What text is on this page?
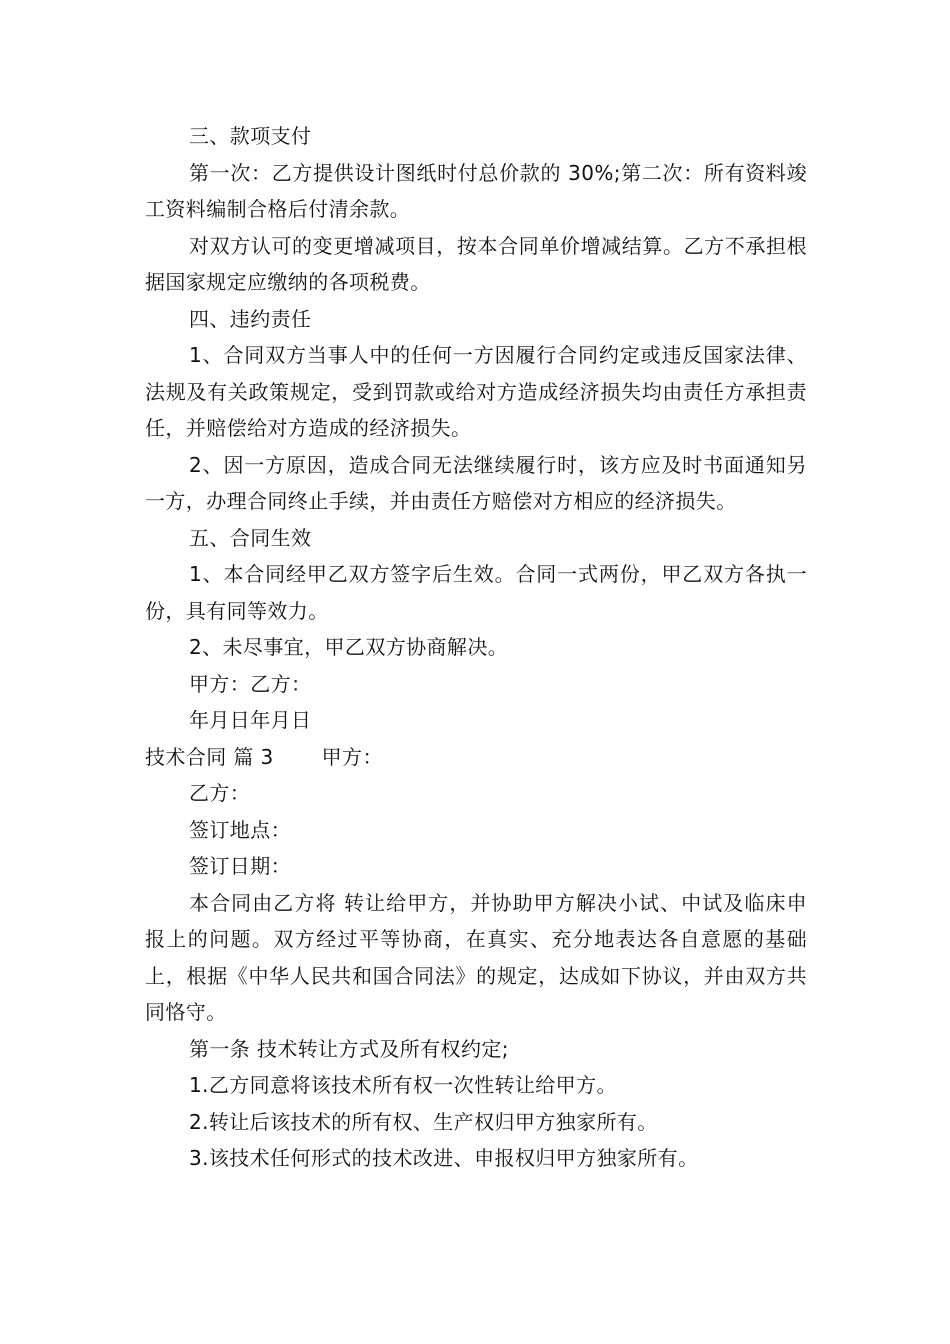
三、款项支付

第一次：乙方提供设计图纸时付总价款的 30%;第二次：所有资料竣工资料编制合格后付清余款。

对双方认可的变更增减项目，按本合同单价增减结算。乙方不承担根据国家规定应缴纳的各项税费。

四、违约责任

1、合同双方当事人中的任何一方因履行合同约定或违反国家法律、法规及有关政策规定，受到罚款或给对方造成经济损失均由责任方承担责任，并赔偿给对方造成的经济损失。

2、因一方原因，造成合同无法继续履行时，该方应及时书面通知另一方，办理合同终止手续，并由责任方赔偿对方相应的经济损失。

五、合同生效

1、本合同经甲乙双方签字后生效。合同一式两份，甲乙双方各执一份，具有同等效力。

2、未尽事宜，甲乙双方协商解决。

甲方：乙方：

年月日年月日

技术合同 篇 3 甲方：

乙方：

签订地点：

签订日期：

本合同由乙方将 转让给甲方，并协助甲方解决小试、中试及临床申报上的问题。双方经过平等协商，在真实、充分地表达各自意愿的基础上，根据《中华人民共和国合同法》的规定，达成如下协议，并由双方共同恪守。

第一条 技术转让方式及所有权约定;

1.乙方同意将该技术所有权一次性转让给甲方。

2.转让后该技术的所有权、生产权归甲方独家所有。

3.该技术任何形式的技术改进、申报权归甲方独家所有。
